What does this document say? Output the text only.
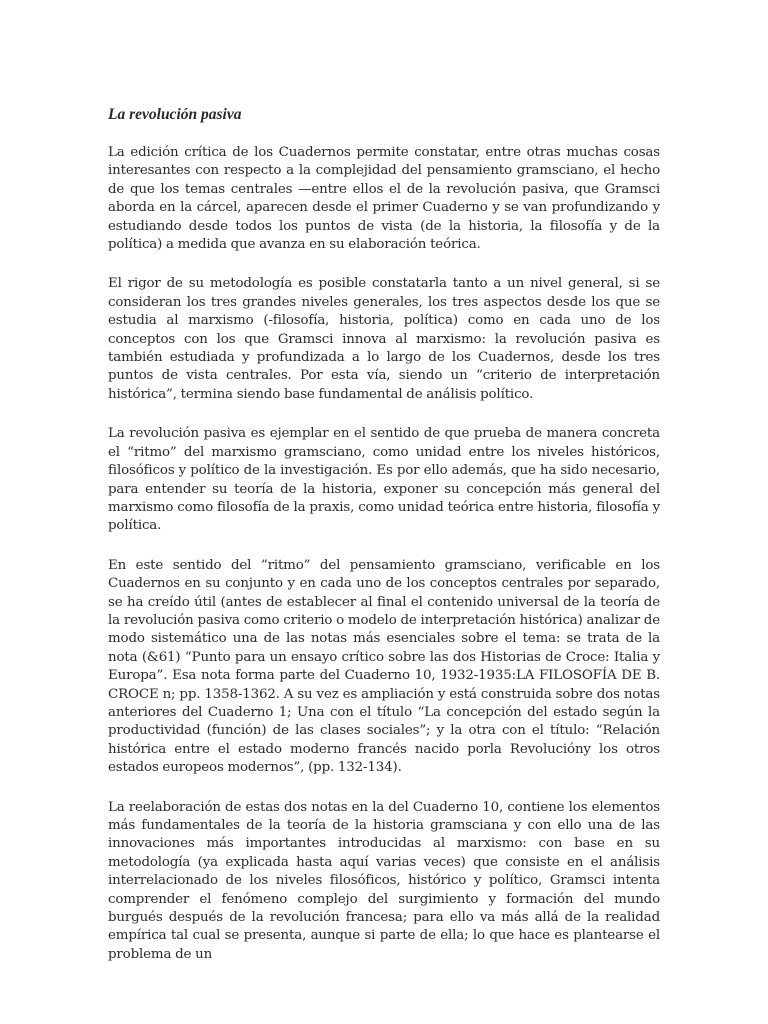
La revolución pasiva

La edición crítica de los Cuadernos permite constatar, entre otras muchas cosas interesantes con respecto a la complejidad del pensamiento gramsciano, el hecho de que los temas centrales —entre ellos el de la revolución pasiva, que Gramsci aborda en la cárcel, aparecen desde el primer Cuaderno y se van profundizando y estudiando desde todos los puntos de vista (de la historia, la filosofía y de la política) a medida que avanza en su elaboración teórica.

El rigor de su metodología es posible constatarla tanto a un nivel general, si se consideran los tres grandes niveles generales, los tres aspectos desde los que se estudia al marxismo (-filosofía, historia, política) como en cada uno de los conceptos con los que Gramsci innova al marxismo: la revolución pasiva es también estudiada y profundizada a lo largo de los Cuadernos, desde los tres puntos de vista centrales. Por esta vía, siendo un “criterio de interpretación histórica”, termina siendo base fundamental de análisis político.

La revolución pasiva es ejemplar en el sentido de que prueba de manera concreta el “ritmo” del marxismo gramsciano, como unidad entre los niveles históricos, filosóficos y político de la investigación. Es por ello además, que ha sido necesario, para entender su teoría de la historia, exponer su concepción más general del marxismo como filosofía de la praxis, como unidad teórica entre historia, filosofía y política.

En este sentido del “ritmo” del pensamiento gramsciano, verificable en los Cuadernos en su conjunto y en cada uno de los conceptos centrales por separado, se ha creído útil (antes de establecer al final el contenido universal de la teoría de la revolución pasiva como criterio o modelo de interpretación histórica) analizar de modo sistemático una de las notas más esenciales sobre el tema: se trata de la nota (&61) “Punto para un ensayo crítico sobre las dos Historias de Croce: Italia y Europa”. Esa nota forma parte del Cuaderno 10, 1932-1935:LA FILOSOFÍA DE B. CROCE n; pp. 1358-1362. A su vez es ampliación y está construida sobre dos notas anteriores del Cuaderno 1; Una con el título “La concepción del estado según la productividad (función) de las clases sociales”; y la otra con el título: “Relación histórica entre el estado moderno francés nacido porla Revolucióny los otros estados europeos modernos”, (pp. 132-134).

La reelaboración de estas dos notas en la del Cuaderno 10, contiene los elementos más fundamentales de la teoría de la historia gramsciana y con ello una de las innovaciones más importantes introducidas al marxismo: con base en su metodología (ya explicada hasta aquí varias veces) que consiste en el análisis interrelacionado de los niveles filosóficos, histórico y político, Gramsci intenta comprender el fenómeno complejo del surgimiento y formación del mundo burgués después de la revolución francesa; para ello va más allá de la realidad empírica tal cual se presenta, aunque si parte de ella; lo que hace es plantearse el problema de un
